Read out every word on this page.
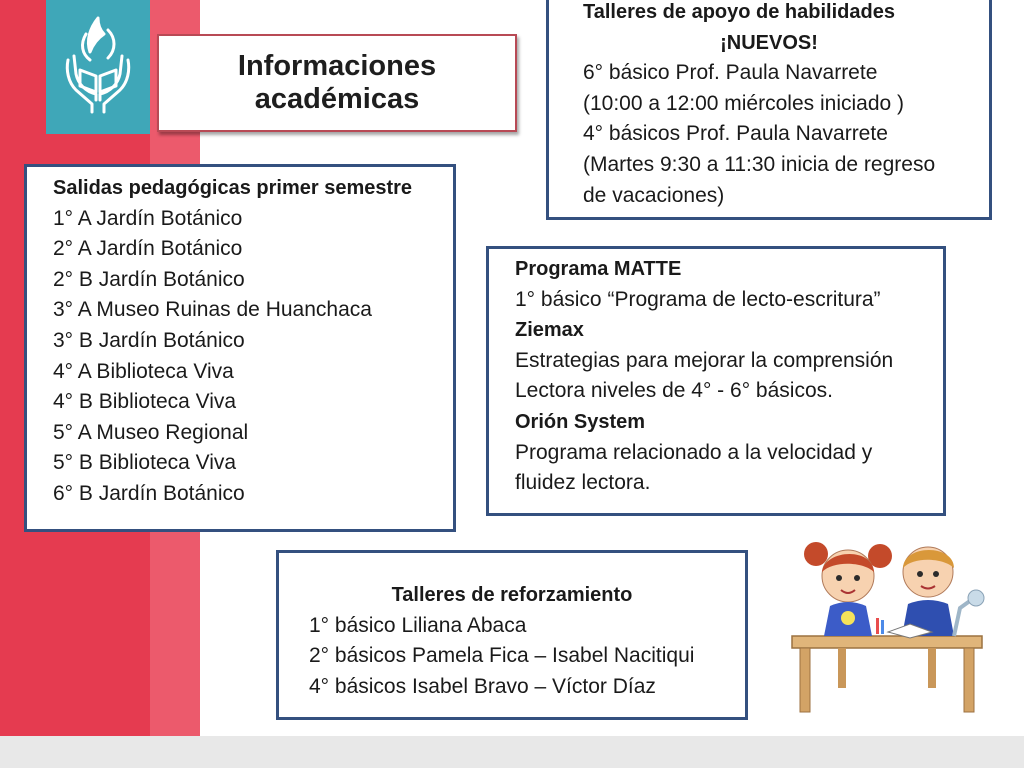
Informaciones
académicas
Salidas pedagógicas primer semestre
1° A Jardín Botánico
2° A Jardín Botánico
2° B Jardín Botánico
3° A Museo Ruinas de Huanchaca
3° B Jardín Botánico
4° A Biblioteca Viva
4° B Biblioteca Viva
5° A Museo Regional
5° B Biblioteca Viva
6° B Jardín Botánico
Talleres de apoyo de habilidades
¡NUEVOS!
6° básico Prof. Paula Navarrete
(10:00 a 12:00 miércoles iniciado )
4° básicos Prof. Paula Navarrete
(Martes 9:30 a 11:30 inicia de regreso
de vacaciones)
Programa MATTE
1° básico “Programa de lecto-escritura”
Ziemax
Estrategias para mejorar la comprensión
Lectora niveles de 4° - 6° básicos.
Orión System
Programa relacionado a la velocidad y
fluidez lectora.
Talleres de reforzamiento
1° básico Liliana Abaca
2° básicos Pamela Fica – Isabel Nacitiqui
4° básicos Isabel Bravo – Víctor Díaz
